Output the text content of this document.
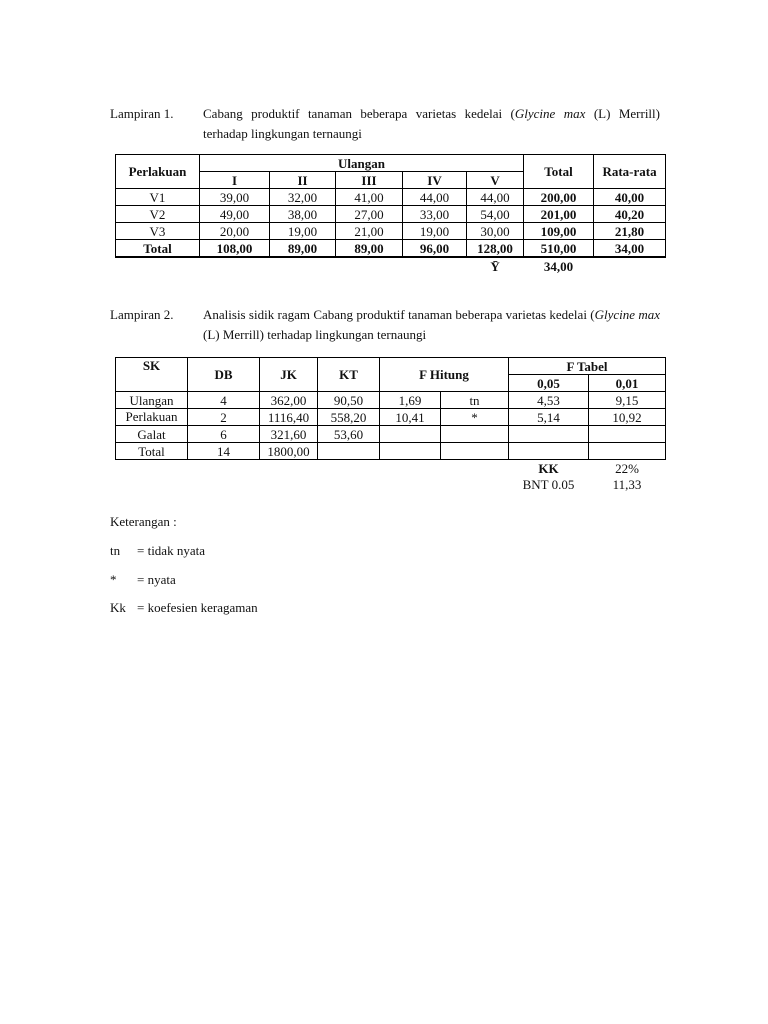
Lampiran 1. Cabang produktif tanaman beberapa varietas kedelai (Glycine max (L) Merrill) terhadap lingkungan ternaungi
Perlakuan	Ulangan					Total	Rata-rata
	I	II	III	IV	V		
V1	39,00	32,00	41,00	44,00	44,00	200,00	40,00
V2	49,00	38,00	27,00	33,00	54,00	201,00	40,20
V3	20,00	19,00	21,00	19,00	30,00	109,00	21,80
Total	108,00	89,00	89,00	96,00	128,00	510,00	34,00
					Ȳ	34,00	
Lampiran 2. Analisis sidik ragam Cabang produktif tanaman beberapa varietas kedelai (Glycine max (L) Merrill) terhadap lingkungan ternaungi
SK	DB	JK	KT	F Hitung		F Tabel	
						0,05	0,01
Ulangan	4	362,00	90,50	1,69	tn	4,53	9,15
Perlakuan	2	1116,40	558,20	10,41	*	5,14	10,92
Galat	6	321,60	53,60				
Total	14	1800,00					
						KK	22%
						BNT 0.05	11,33
Keterangan :
tn = tidak nyata
* = nyata
Kk = koefesien keragaman
